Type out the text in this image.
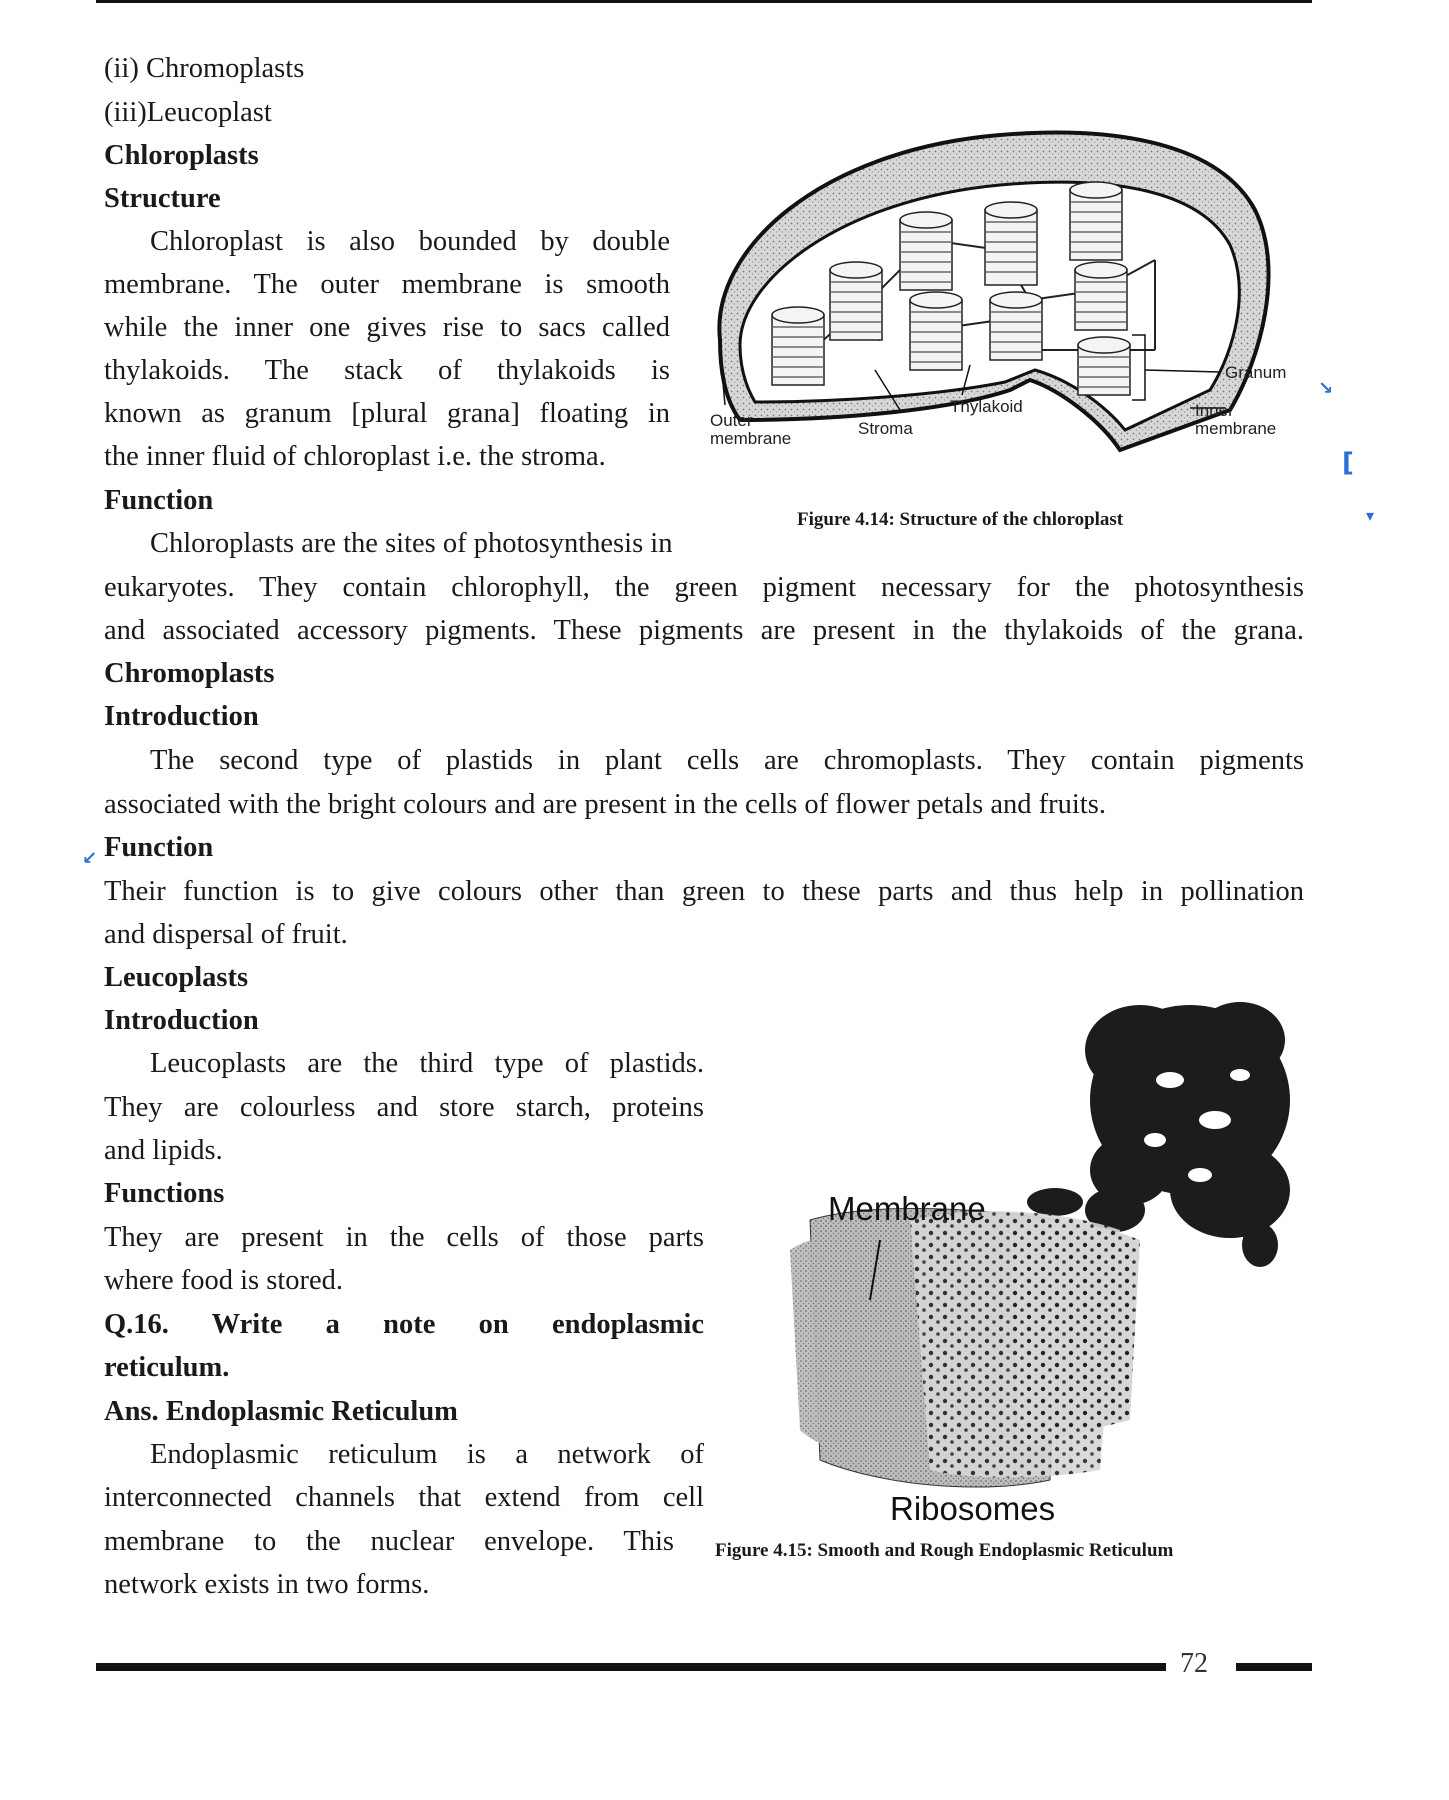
(ii) Chromoplasts
(iii)Leucoplast
Chloroplasts
Structure
Chloroplast is also bounded by double
membrane. The outer membrane is smooth
while the inner one gives rise to sacs called
thylakoids. The stack of thylakoids is
known as granum [plural grana] floating in
the inner fluid of chloroplast i.e. the stroma.
Function
Chloroplasts are the sites of photosynthesis in
eukaryotes. They contain chlorophyll, the green pigment necessary for the photosynthesis
and associated accessory pigments. These pigments are present in the thylakoids of the grana.
Granum
Thylakoid	Inner
membrane
Stroma
Outer
membrane
Figure 4.14: Structure of the chloroplast
Chromoplasts
Introduction
The second type of plastids in plant cells are chromoplasts. They contain pigments
associated with the bright colours and are present in the cells of flower petals and fruits.
Function
Their function is to give colours other than green to these parts and thus help in pollination
and dispersal of fruit.
Leucoplasts
Introduction
Leucoplasts are the third type of plastids.
They are colourless and store starch, proteins
and lipids.
Functions
They are present in the cells of those parts
where food is stored.
Q.16. Write a note on endoplasmic
reticulum.
Ans. Endoplasmic Reticulum
Endoplasmic reticulum is a network of
interconnected channels that extend from cell
membrane to the nuclear envelope. This
network exists in two forms.
Membrane
Ribosomes
Figure 4.15: Smooth and Rough Endoplasmic Reticulum
↘
[
▾
↙
72
